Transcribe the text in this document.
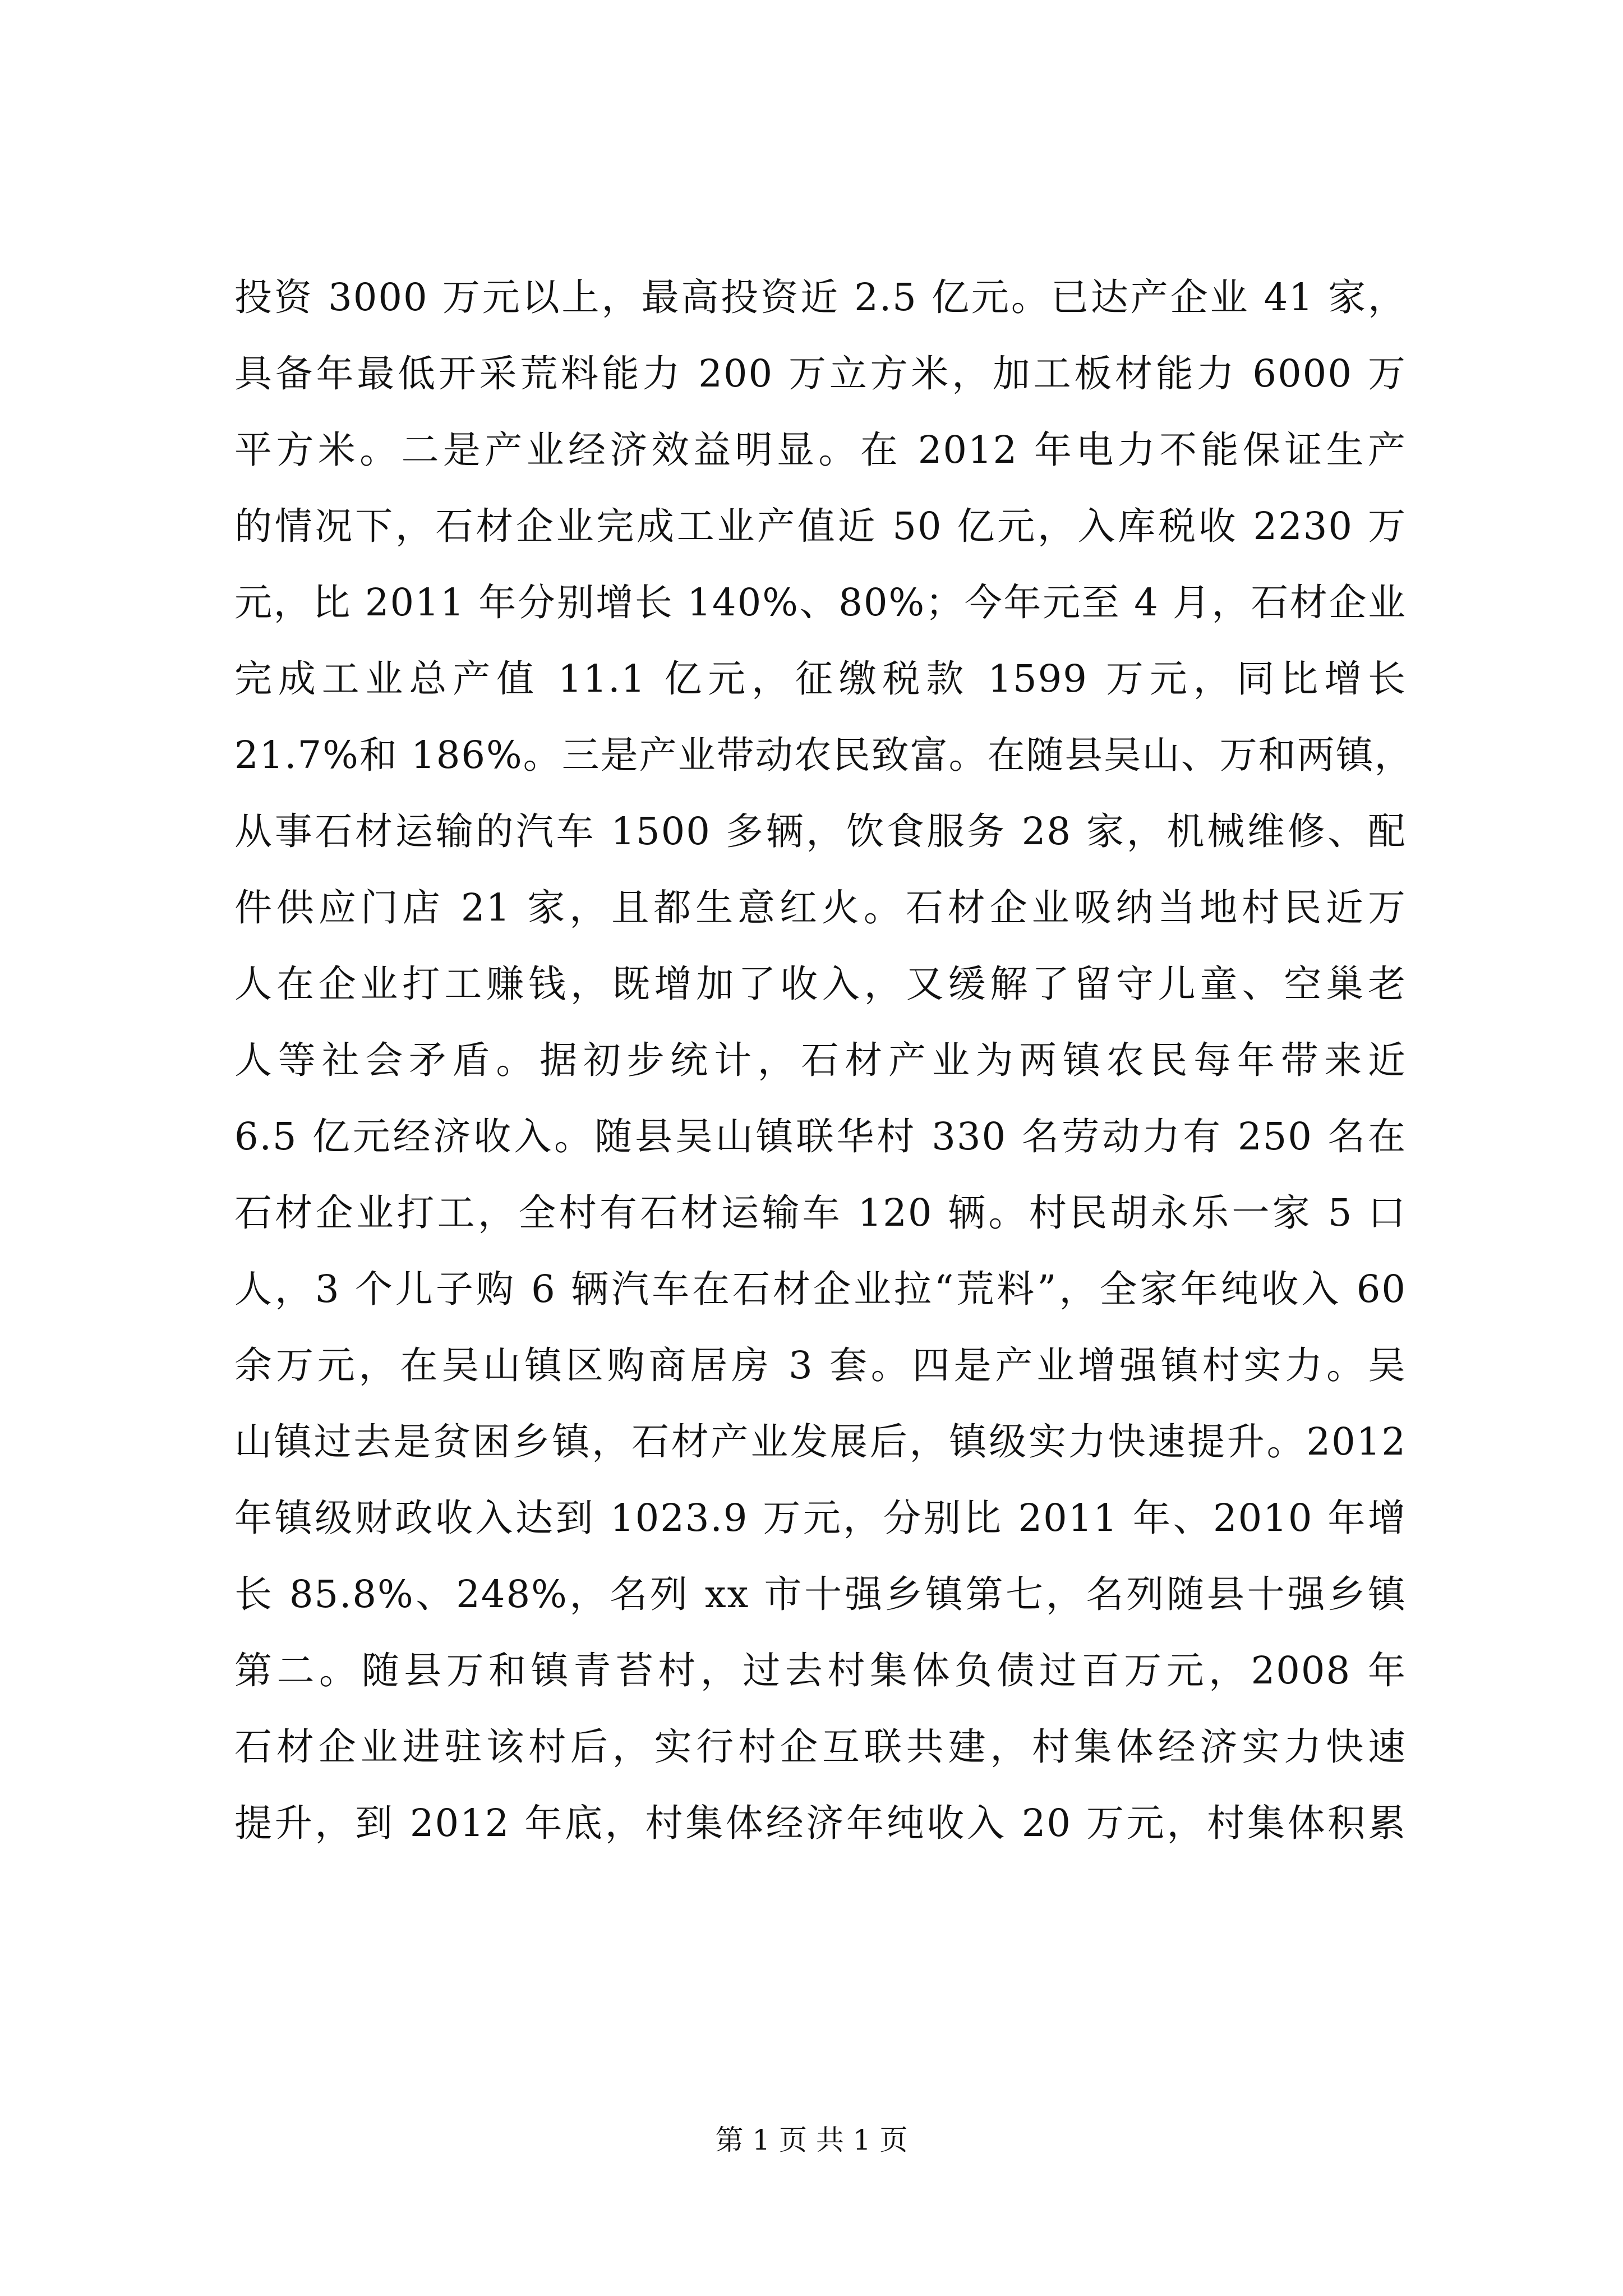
投资 3000 万元以上，最高投资近 2.5 亿元。已达产企业 41 家，
具备年最低开采荒料能力 200 万立方米，加工板材能力 6000 万
平方米。二是产业经济效益明显。在 2012 年电力不能保证生产
的情况下，石材企业完成工业产值近 50 亿元，入库税收 2230 万
元，比 2011 年分别增长 140%、80%；今年元至 4 月，石材企业
完成工业总产值 11.1 亿元，征缴税款 1599 万元，同比增长
21.7%和 186%。三是产业带动农民致富。在随县吴山、万和两镇，
从事石材运输的汽车 1500 多辆，饮食服务 28 家，机械维修、配
件供应门店 21 家，且都生意红火。石材企业吸纳当地村民近万
人在企业打工赚钱，既增加了收入，又缓解了留守儿童、空巢老
人等社会矛盾。据初步统计，石材产业为两镇农民每年带来近
6.5 亿元经济收入。随县吴山镇联华村 330 名劳动力有 250 名在
石材企业打工，全村有石材运输车 120 辆。村民胡永乐一家 5 口
人，3 个儿子购 6 辆汽车在石材企业拉“荒料”，全家年纯收入 60
余万元，在吴山镇区购商居房 3 套。四是产业增强镇村实力。吴
山镇过去是贫困乡镇，石材产业发展后，镇级实力快速提升。2012
年镇级财政收入达到 1023.9 万元，分别比 2011 年、2010 年增
长 85.8%、248%，名列 xx 市十强乡镇第七，名列随县十强乡镇
第二。随县万和镇青苔村，过去村集体负债过百万元，2008 年
石材企业进驻该村后，实行村企互联共建，村集体经济实力快速
提升，到 2012 年底，村集体经济年纯收入 20 万元，村集体积累
第 1 页 共 1 页
